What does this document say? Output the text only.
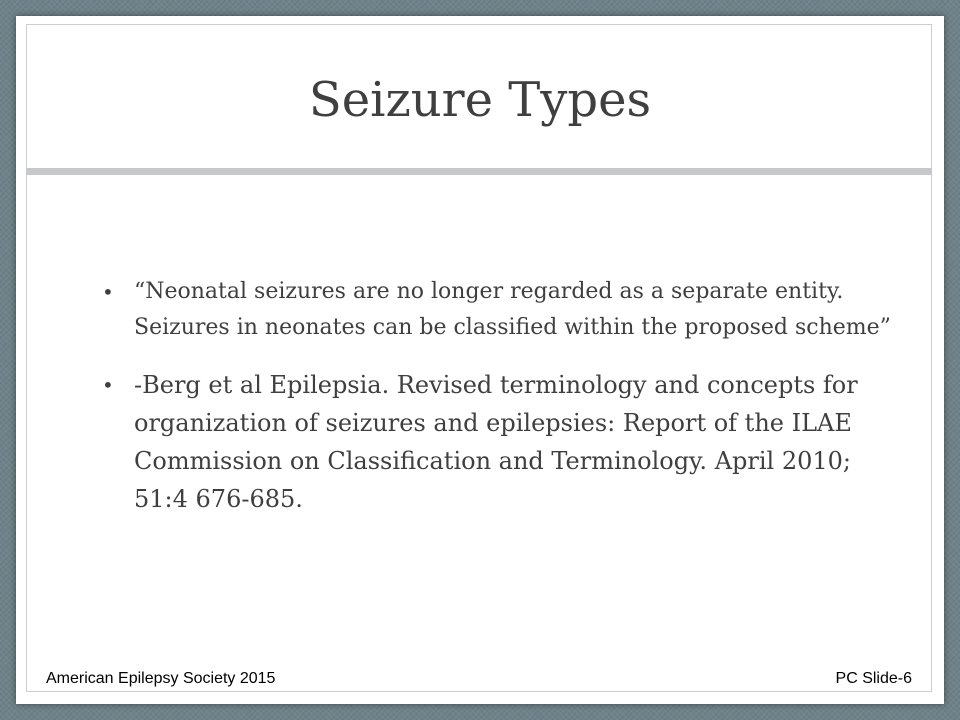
Seizure Types
• “Neonatal seizures are no longer regarded as a separate entity. Seizures in neonates can be classified within the proposed scheme”
• -Berg et al Epilepsia. Revised terminology and concepts for organization of seizures and epilepsies: Report of the ILAE Commission on Classification and Terminology. April 2010; 51:4 676-685.
American Epilepsy Society 2015	PC Slide-6
